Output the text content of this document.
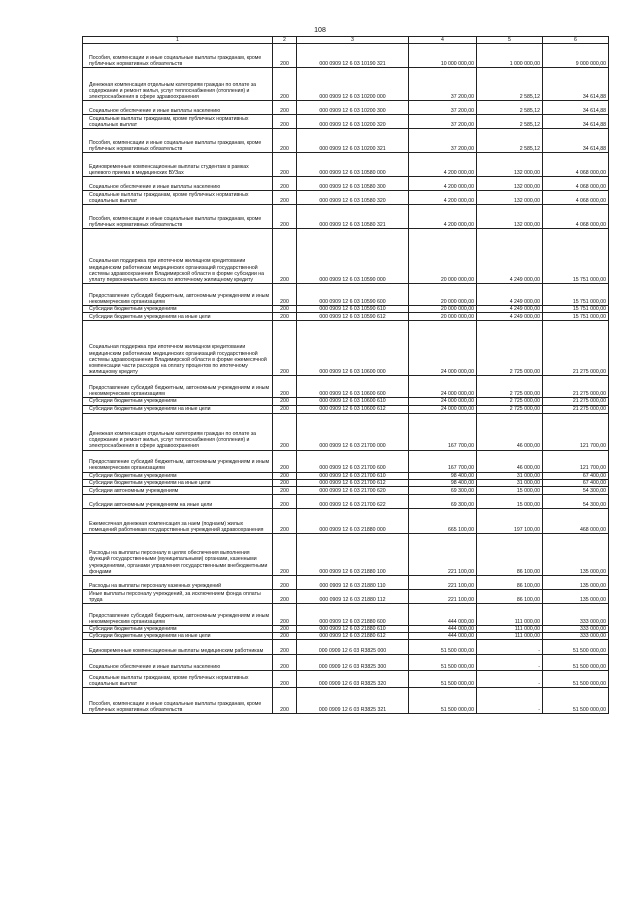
108
1	2	3	4	5	6
Пособия, компенсации и иные социальные выплаты гражданам, кроме публичных нормативных обязательств	200	000 0909 12 6 03 10190 321	10 000 000,00	1 000 000,00	9 000 000,00
Денежная компенсация отдельным категориям граждан по оплате за содержание и ремонт жилья, услуг теплоснабжения (отопления) и электроснабжения в сфере здравоохранения	200	000 0909 12 6 03 10200 000	37 200,00	2 585,12	34 614,88
Социальное обеспечение и иные выплаты населению	200	000 0909 12 6 03 10200 300	37 200,00	2 585,12	34 614,88
Социальные выплаты гражданам, кроме публичных нормативных социальных выплат	200	000 0909 12 6 03 10200 320	37 200,00	2 585,12	34 614,88
Пособия, компенсации и иные социальные выплаты гражданам, кроме публичных нормативных обязательств	200	000 0909 12 6 03 10200 321	37 200,00	2 585,12	34 614,88
Единовременные компенсационные выплаты студентам в рамках целевого приема в медицинских ВУЗах	200	000 0909 12 6 03 10580 000	4 200 000,00	132 000,00	4 068 000,00
Социальное обеспечение и иные выплаты населению	200	000 0909 12 6 03 10580 300	4 200 000,00	132 000,00	4 068 000,00
Социальные выплаты гражданам, кроме публичных нормативных социальных выплат	200	000 0909 12 6 03 10580 320	4 200 000,00	132 000,00	4 068 000,00
Пособия, компенсации и иные социальные выплаты гражданам, кроме публичных нормативных обязательств	200	000 0909 12 6 03 10580 321	4 200 000,00	132 000,00	4 068 000,00
Социальная поддержка при ипотечном жилищном кредитовании медицинским работникам медицинских организаций государственной системы здравоохранения Владимирской области в форме субсидии на уплату первоначального взноса по ипотечному жилищному кредиту	200	000 0909 12 6 03 10590 000	20 000 000,00	4 249 000,00	15 751 000,00
Предоставление субсидий бюджетным, автономным учреждениям и иным некоммерческим организациям	200	000 0909 12 6 03 10590 600	20 000 000,00	4 249 000,00	15 751 000,00
Субсидии бюджетным учреждениям	200	000 0909 12 6 03 10590 610	20 000 000,00	4 249 000,00	15 751 000,00
Субсидии бюджетным учреждениям на иные цели	200	000 0909 12 6 03 10590 612	20 000 000,00	4 249 000,00	15 751 000,00
Социальная поддержка при ипотечном жилищном кредитовании медицинским работникам медицинских организаций государственной системы здравоохранения Владимирской области в форме ежемесячной компенсации части расходов на оплату процентов по ипотечному жилищному кредиту	200	000 0909 12 6 03 10600 000	24 000 000,00	2 725 000,00	21 275 000,00
Предоставление субсидий бюджетным, автономным учреждениям и иным некоммерческим организациям	200	000 0909 12 6 03 10600 600	24 000 000,00	2 725 000,00	21 275 000,00
Субсидии бюджетным учреждениям	200	000 0909 12 6 03 10600 610	24 000 000,00	2 725 000,00	21 275 000,00
Субсидии бюджетным учреждениям на иные цели	200	000 0909 12 6 03 10600 612	24 000 000,00	2 725 000,00	21 275 000,00
Денежная компенсация отдельным категориям граждан по оплате за содержание и ремонт жилья, услуг теплоснабжения (отопления) и электроснабжения в сфере здравоохранения	200	000 0909 12 6 03 21700 000	167 700,00	46 000,00	121 700,00
Предоставление субсидий бюджетным, автономным учреждениям и иным некоммерческим организациям	200	000 0909 12 6 03 21700 600	167 700,00	46 000,00	121 700,00
Субсидии бюджетным учреждениям	200	000 0909 12 6 03 21700 610	98 400,00	31 000,00	67 400,00
Субсидии бюджетным учреждениям на иные цели	200	000 0909 12 6 03 21700 612	98 400,00	31 000,00	67 400,00
Субсидии автономным учреждениям	200	000 0909 12 6 03 21700 620	69 300,00	15 000,00	54 300,00
Субсидии автономным учреждениям на иные цели	200	000 0909 12 6 03 21700 622	69 300,00	15 000,00	54 300,00
Ежемесячная денежная компенсация за наем (поднаем) жилых помещений работникам государственных учреждений здравоохранения	200	000 0909 12 6 03 21880 000	665 100,00	197 100,00	468 000,00
Расходы на выплаты персоналу в целях обеспечения выполнения функций государственными (муниципальными) органами, казенными учреждениями, органами управления государственными внебюджетными фондами	200	000 0909 12 6 03 21880 100	221 100,00	86 100,00	135 000,00
Расходы на выплаты персоналу казенных учреждений	200	000 0909 12 6 03 21880 110	221 100,00	86 100,00	135 000,00
Иные выплаты персоналу учреждений, за исключением фонда оплаты труда	200	000 0909 12 6 03 21880 112	221 100,00	86 100,00	135 000,00
Предоставление субсидий бюджетным, автономным учреждениям и иным некоммерческим организациям	200	000 0909 12 6 03 21880 600	444 000,00	111 000,00	333 000,00
Субсидии бюджетным учреждениям	200	000 0909 12 6 03 21880 610	444 000,00	111 000,00	333 000,00
Субсидии бюджетным учреждениям на иные цели	200	000 0909 12 6 03 21880 612	444 000,00	111 000,00	333 000,00
Единовременные компенсационные выплаты медицинским работникам	200	000 0909 12 6 03 R3825 000	51 500 000,00	-	51 500 000,00
Социальное обеспечение и иные выплаты населению	200	000 0909 12 6 03 R3825 300	51 500 000,00	-	51 500 000,00
Социальные выплаты гражданам, кроме публичных нормативных социальных выплат	200	000 0909 12 6 03 R3825 320	51 500 000,00	-	51 500 000,00
Пособия, компенсации и иные социальные выплаты гражданам, кроме публичных нормативных обязательств	200	000 0909 12 6 03 R3825 321	51 500 000,00	-	51 500 000,00
